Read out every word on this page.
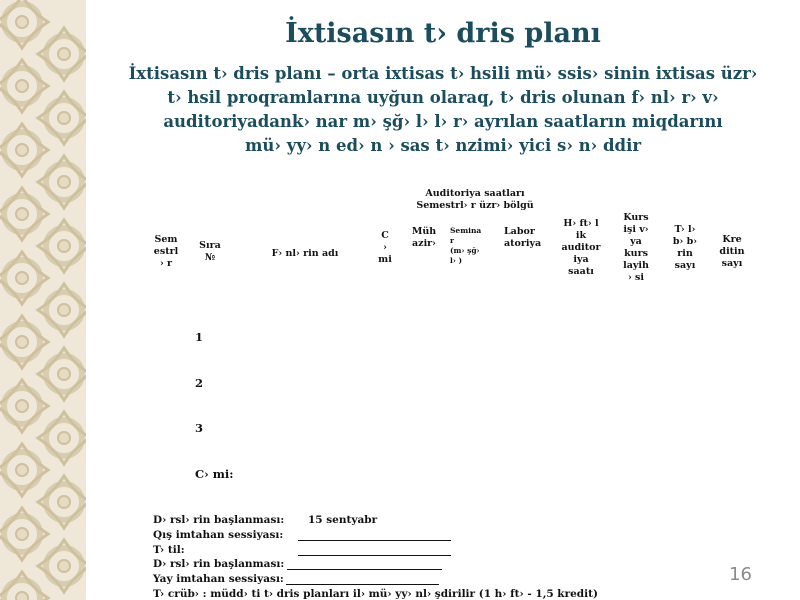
İxtisasın t› dris planı
İxtisasın t› dris planı – orta ixtisas t› hsili mü› ssis› sinin ixtisas üzr›
t› hsil proqramlarına uyğun olaraq, t› dris olunan f› nl› r› v›
auditoriyadank› nar m› şğ› l› l› r› ayrılan saatların miqdarını
mü› yy› n ed› n › sas t› nzimi› yici s› n› ddir
Auditoriya saatları
Semestrl› r üzr› bölgü
Sem
estrl
› r
Sıra
№	F› nl› rin adı
C
›
mi
Müh
azir›
Semina
r
(m› şğ›
l› )
Labor
atoriya
H› ft› l
ik
auditor
iya
saatı
Kurs
işi v›
ya
kurs
layih
› si
T› l›
b› b›
rin
sayı
Kre
ditin
sayı
1
2
3
C› mi:
D› rsl› rin başlanması: 15 sentyabr
Qış imtahan sessiyası:
T› til:
D› rsl› rin başlanması:
Yay imtahan sessiyası:
T› crüb› : müdd› ti t› dris planları il› mü› yy› nl› şdirilir (1 h› ft› - 1,5 kredit)
16
